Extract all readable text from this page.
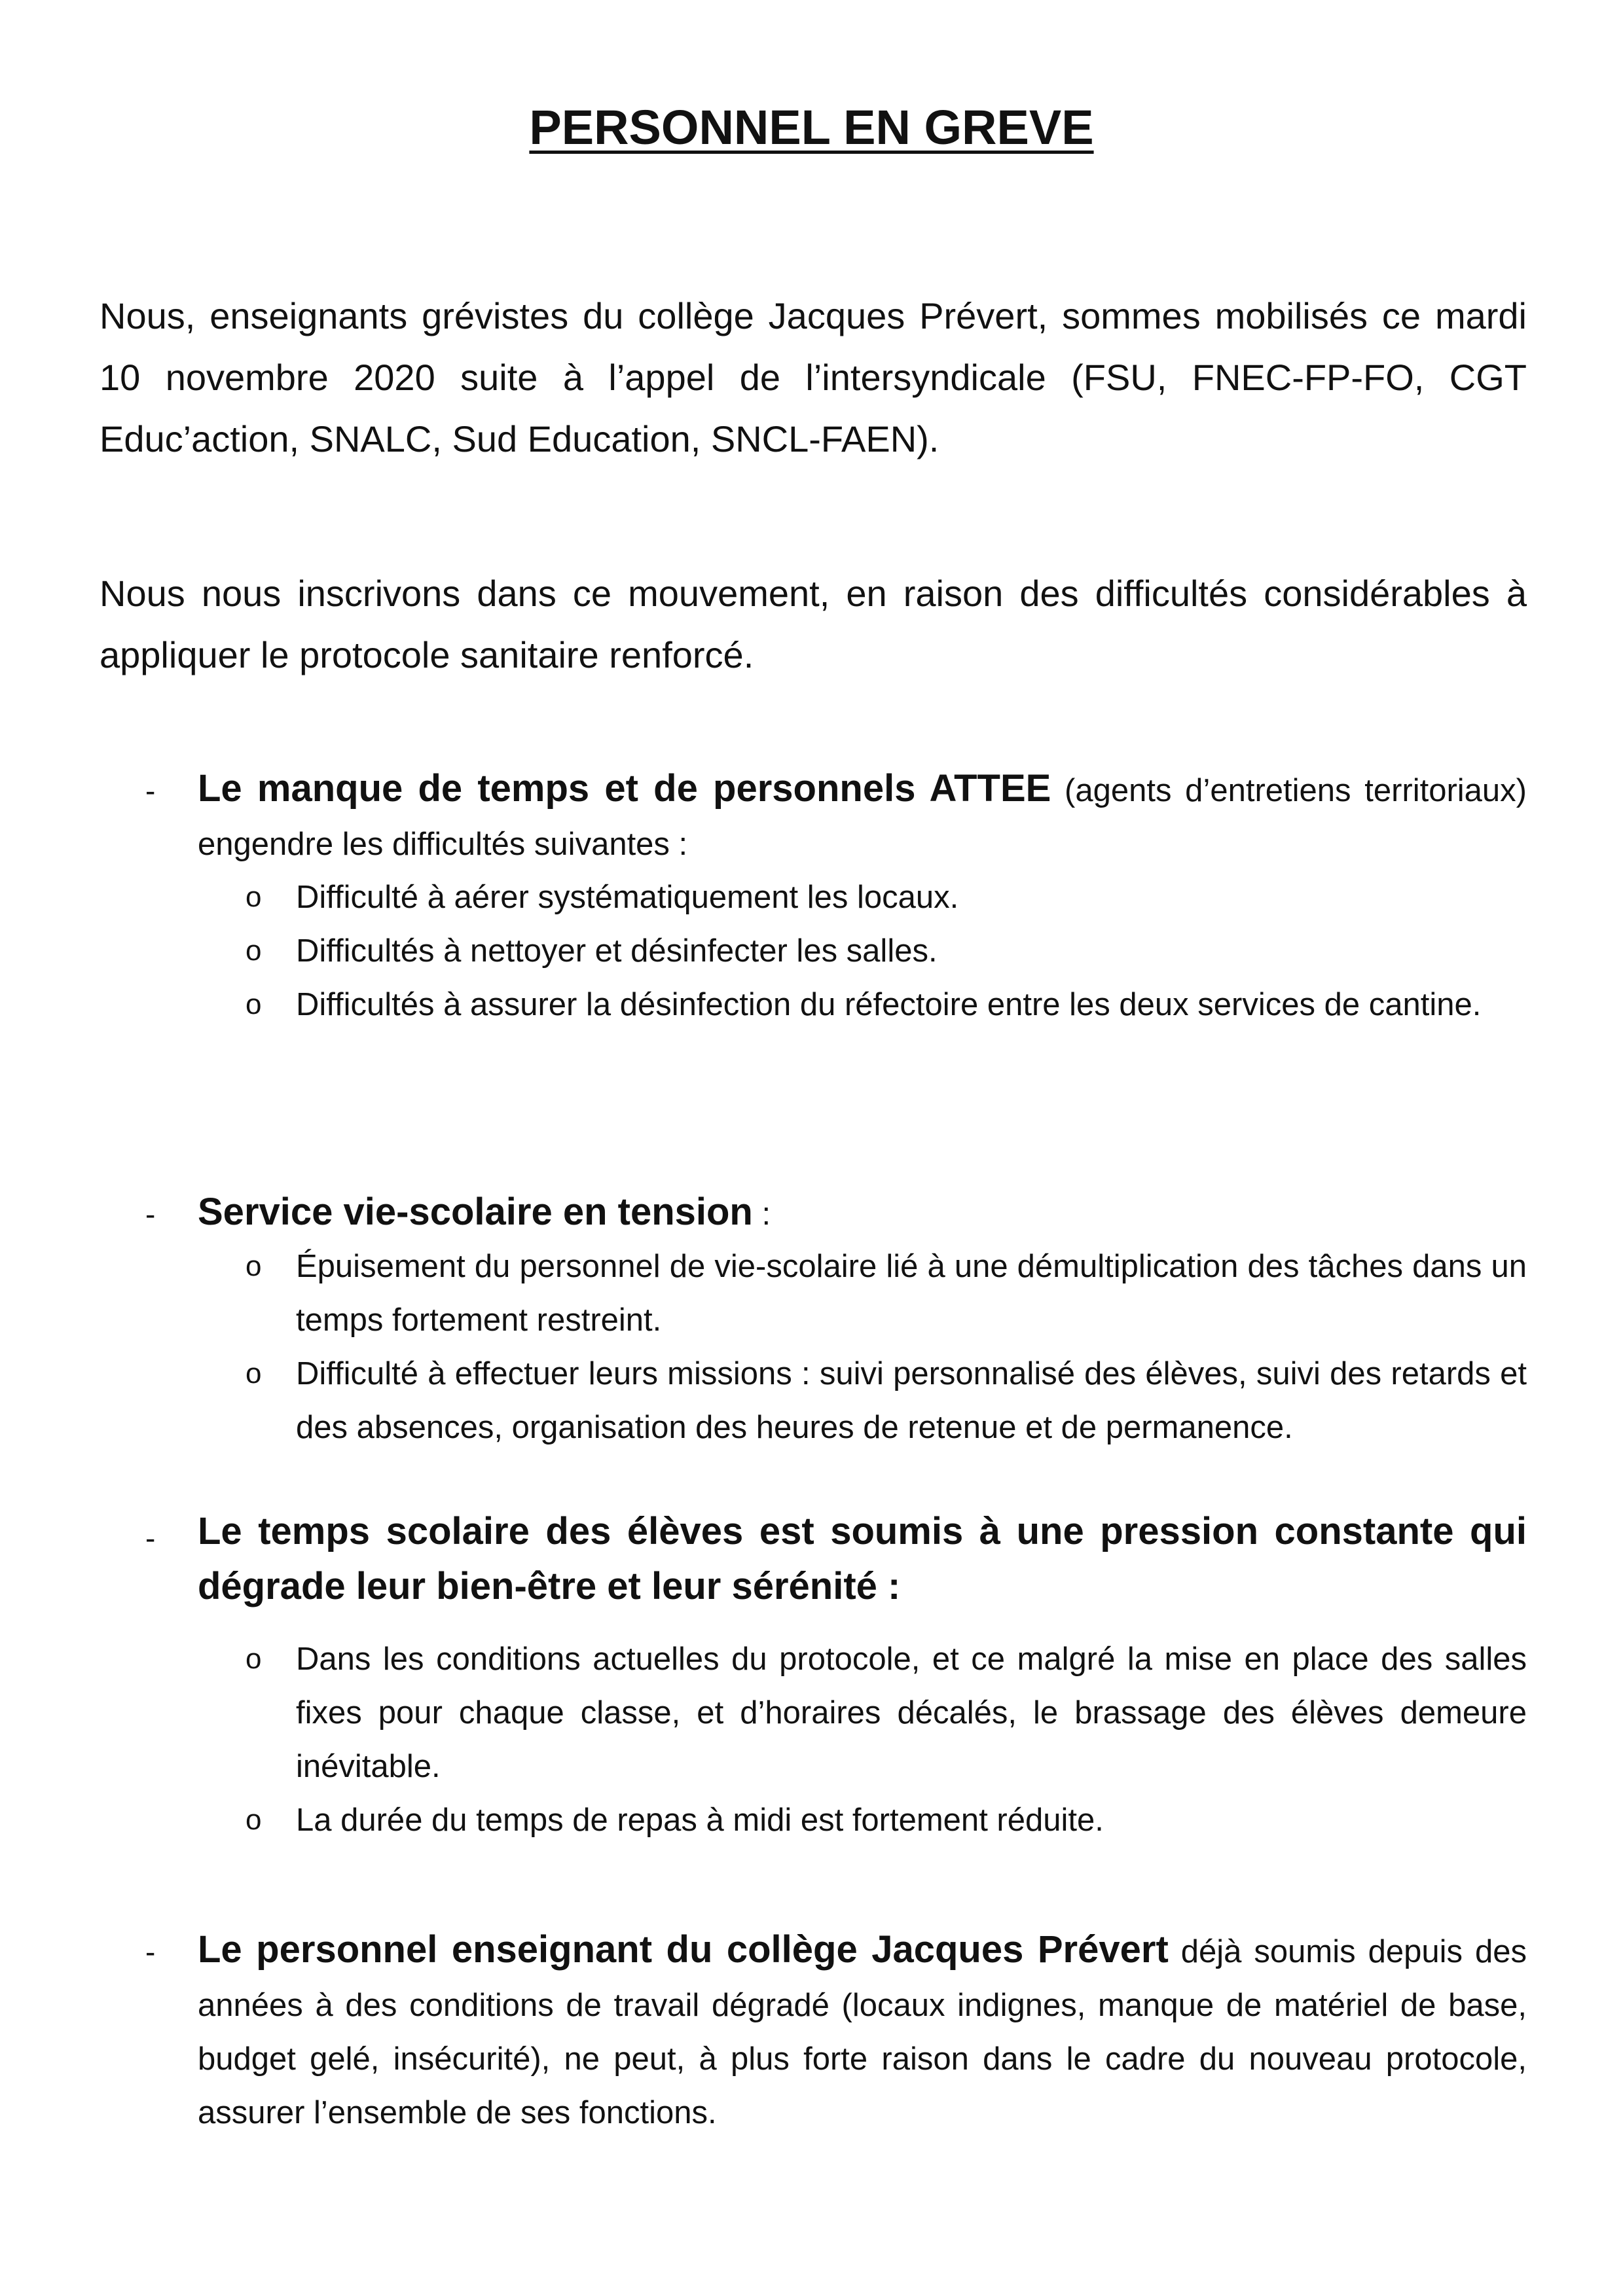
PERSONNEL EN GREVE

Nous, enseignants grévistes du collège Jacques Prévert, sommes mobilisés ce mardi 10 novembre 2020 suite à l’appel de l’intersyndicale (FSU, FNEC-FP-FO, CGT Educ’action, SNALC, Sud Education, SNCL-FAEN).

Nous nous inscrivons dans ce mouvement, en raison des difficultés considérables à appliquer le protocole sanitaire renforcé.

- Le manque de temps et de personnels ATTEE (agents d’entretiens territoriaux) engendre les difficultés suivantes :

o Difficulté à aérer systématiquement les locaux.

o Difficultés à nettoyer et désinfecter les salles.

o Difficultés à assurer la désinfection du réfectoire entre les deux services de cantine.

- Service vie-scolaire en tension :

o Épuisement du personnel de vie-scolaire lié à une démultiplication des tâches dans un temps fortement restreint.

o Difficulté à effectuer leurs missions : suivi personnalisé des élèves, suivi des retards et des absences, organisation des heures de retenue et de permanence.

- Le temps scolaire des élèves est soumis à une pression constante qui dégrade leur bien-être et leur sérénité :

o Dans les conditions actuelles du protocole, et ce malgré la mise en place des salles fixes pour chaque classe, et d’horaires décalés, le brassage des élèves demeure inévitable.

o La durée du temps de repas à midi est fortement réduite.

- Le personnel enseignant du collège Jacques Prévert déjà soumis depuis des années à des conditions de travail dégradé (locaux indignes, manque de matériel de base, budget gelé, insécurité), ne peut, à plus forte raison dans le cadre du nouveau protocole, assurer l’ensemble de ses fonctions.
